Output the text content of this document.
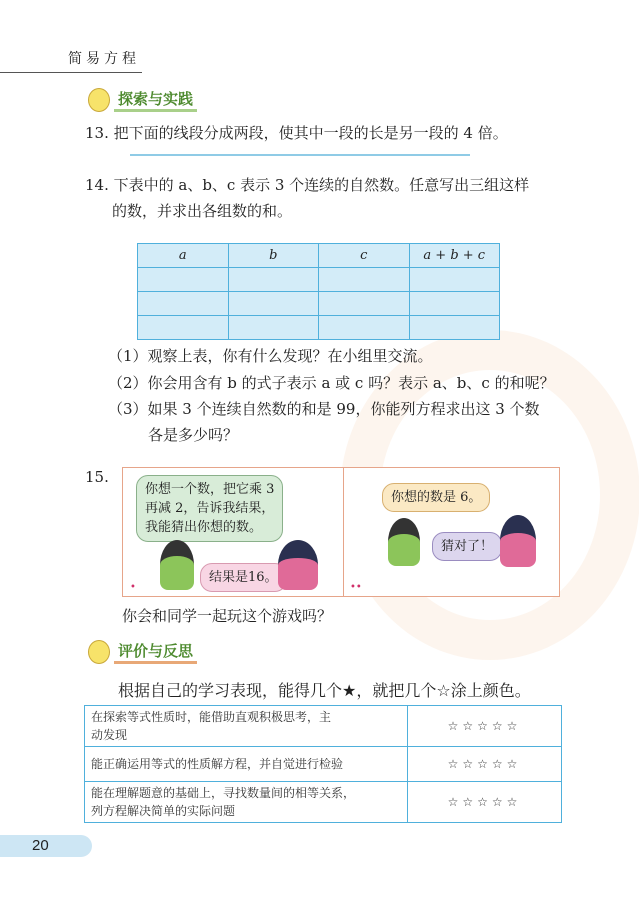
简易方程
探索与实践
13. 把下面的线段分成两段，使其中一段的长是另一段的 4 倍。
14. 下表中的 a、b、c 表示 3 个连续的自然数。任意写出三组这样
的数，并求出各组数的和。
a	b	c	a + b + c

（1）观察上表，你有什么发现？在小组里交流。
（2）你会用含有 b 的式子表示 a 或 c 吗？表示 a、b、c 的和呢？
（3）如果 3 个连续自然数的和是 99，你能列方程求出这 3 个数
各是多少吗？
15.
你想一个数，把它乘 3
再减 2，告诉我结果，
我能猜出你想的数。
结果是16。
•
你想的数是 6。
猜对了！
••
你会和同学一起玩这个游戏吗？
评价与反思
根据自己的学习表现，能得几个★，就把几个☆涂上颜色。
在探索等式性质时，能借助直观积极思考，主
动发现	☆☆☆☆☆

能正确运用等式的性质解方程，并自觉进行检验	☆☆☆☆☆

能在理解题意的基础上，寻找数量间的相等关系，
列方程解决简单的实际问题	☆☆☆☆☆
20
